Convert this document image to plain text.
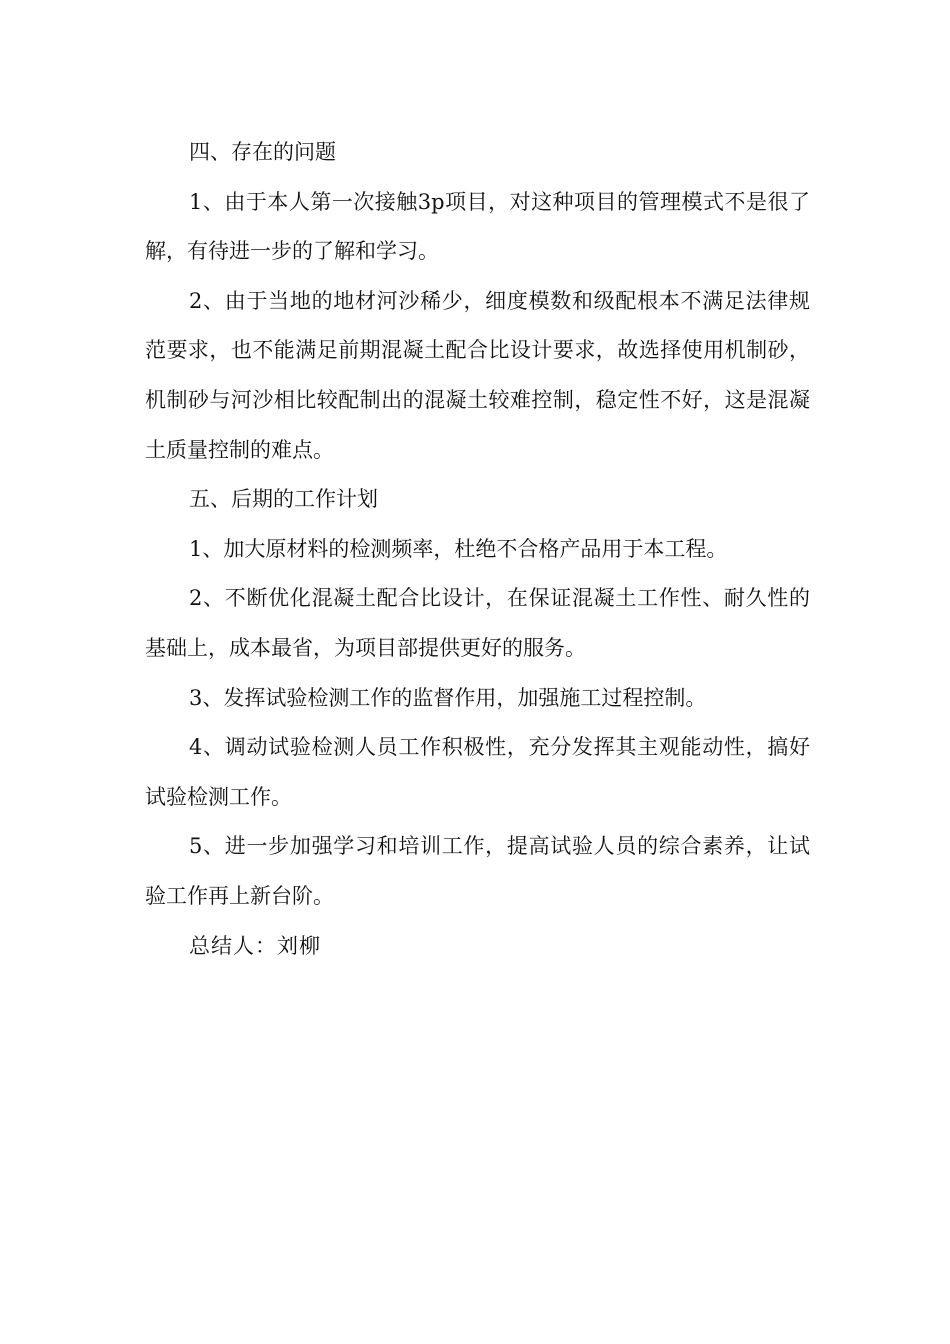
四、存在的问题

1、由于本人第一次接触3p项目，对这种项目的管理模式不是很了解，有待进一步的了解和学习。

2、由于当地的地材河沙稀少，细度模数和级配根本不满足法律规范要求，也不能满足前期混凝土配合比设计要求，故选择使用机制砂，机制砂与河沙相比较配制出的混凝土较难控制，稳定性不好，这是混凝土质量控制的难点。

五、后期的工作计划

1、加大原材料的检测频率，杜绝不合格产品用于本工程。

2、不断优化混凝土配合比设计，在保证混凝土工作性、耐久性的基础上，成本最省，为项目部提供更好的服务。

3、发挥试验检测工作的监督作用，加强施工过程控制。

4、调动试验检测人员工作积极性，充分发挥其主观能动性，搞好试验检测工作。

5、进一步加强学习和培训工作，提高试验人员的综合素养，让试验工作再上新台阶。

总结人：刘柳
